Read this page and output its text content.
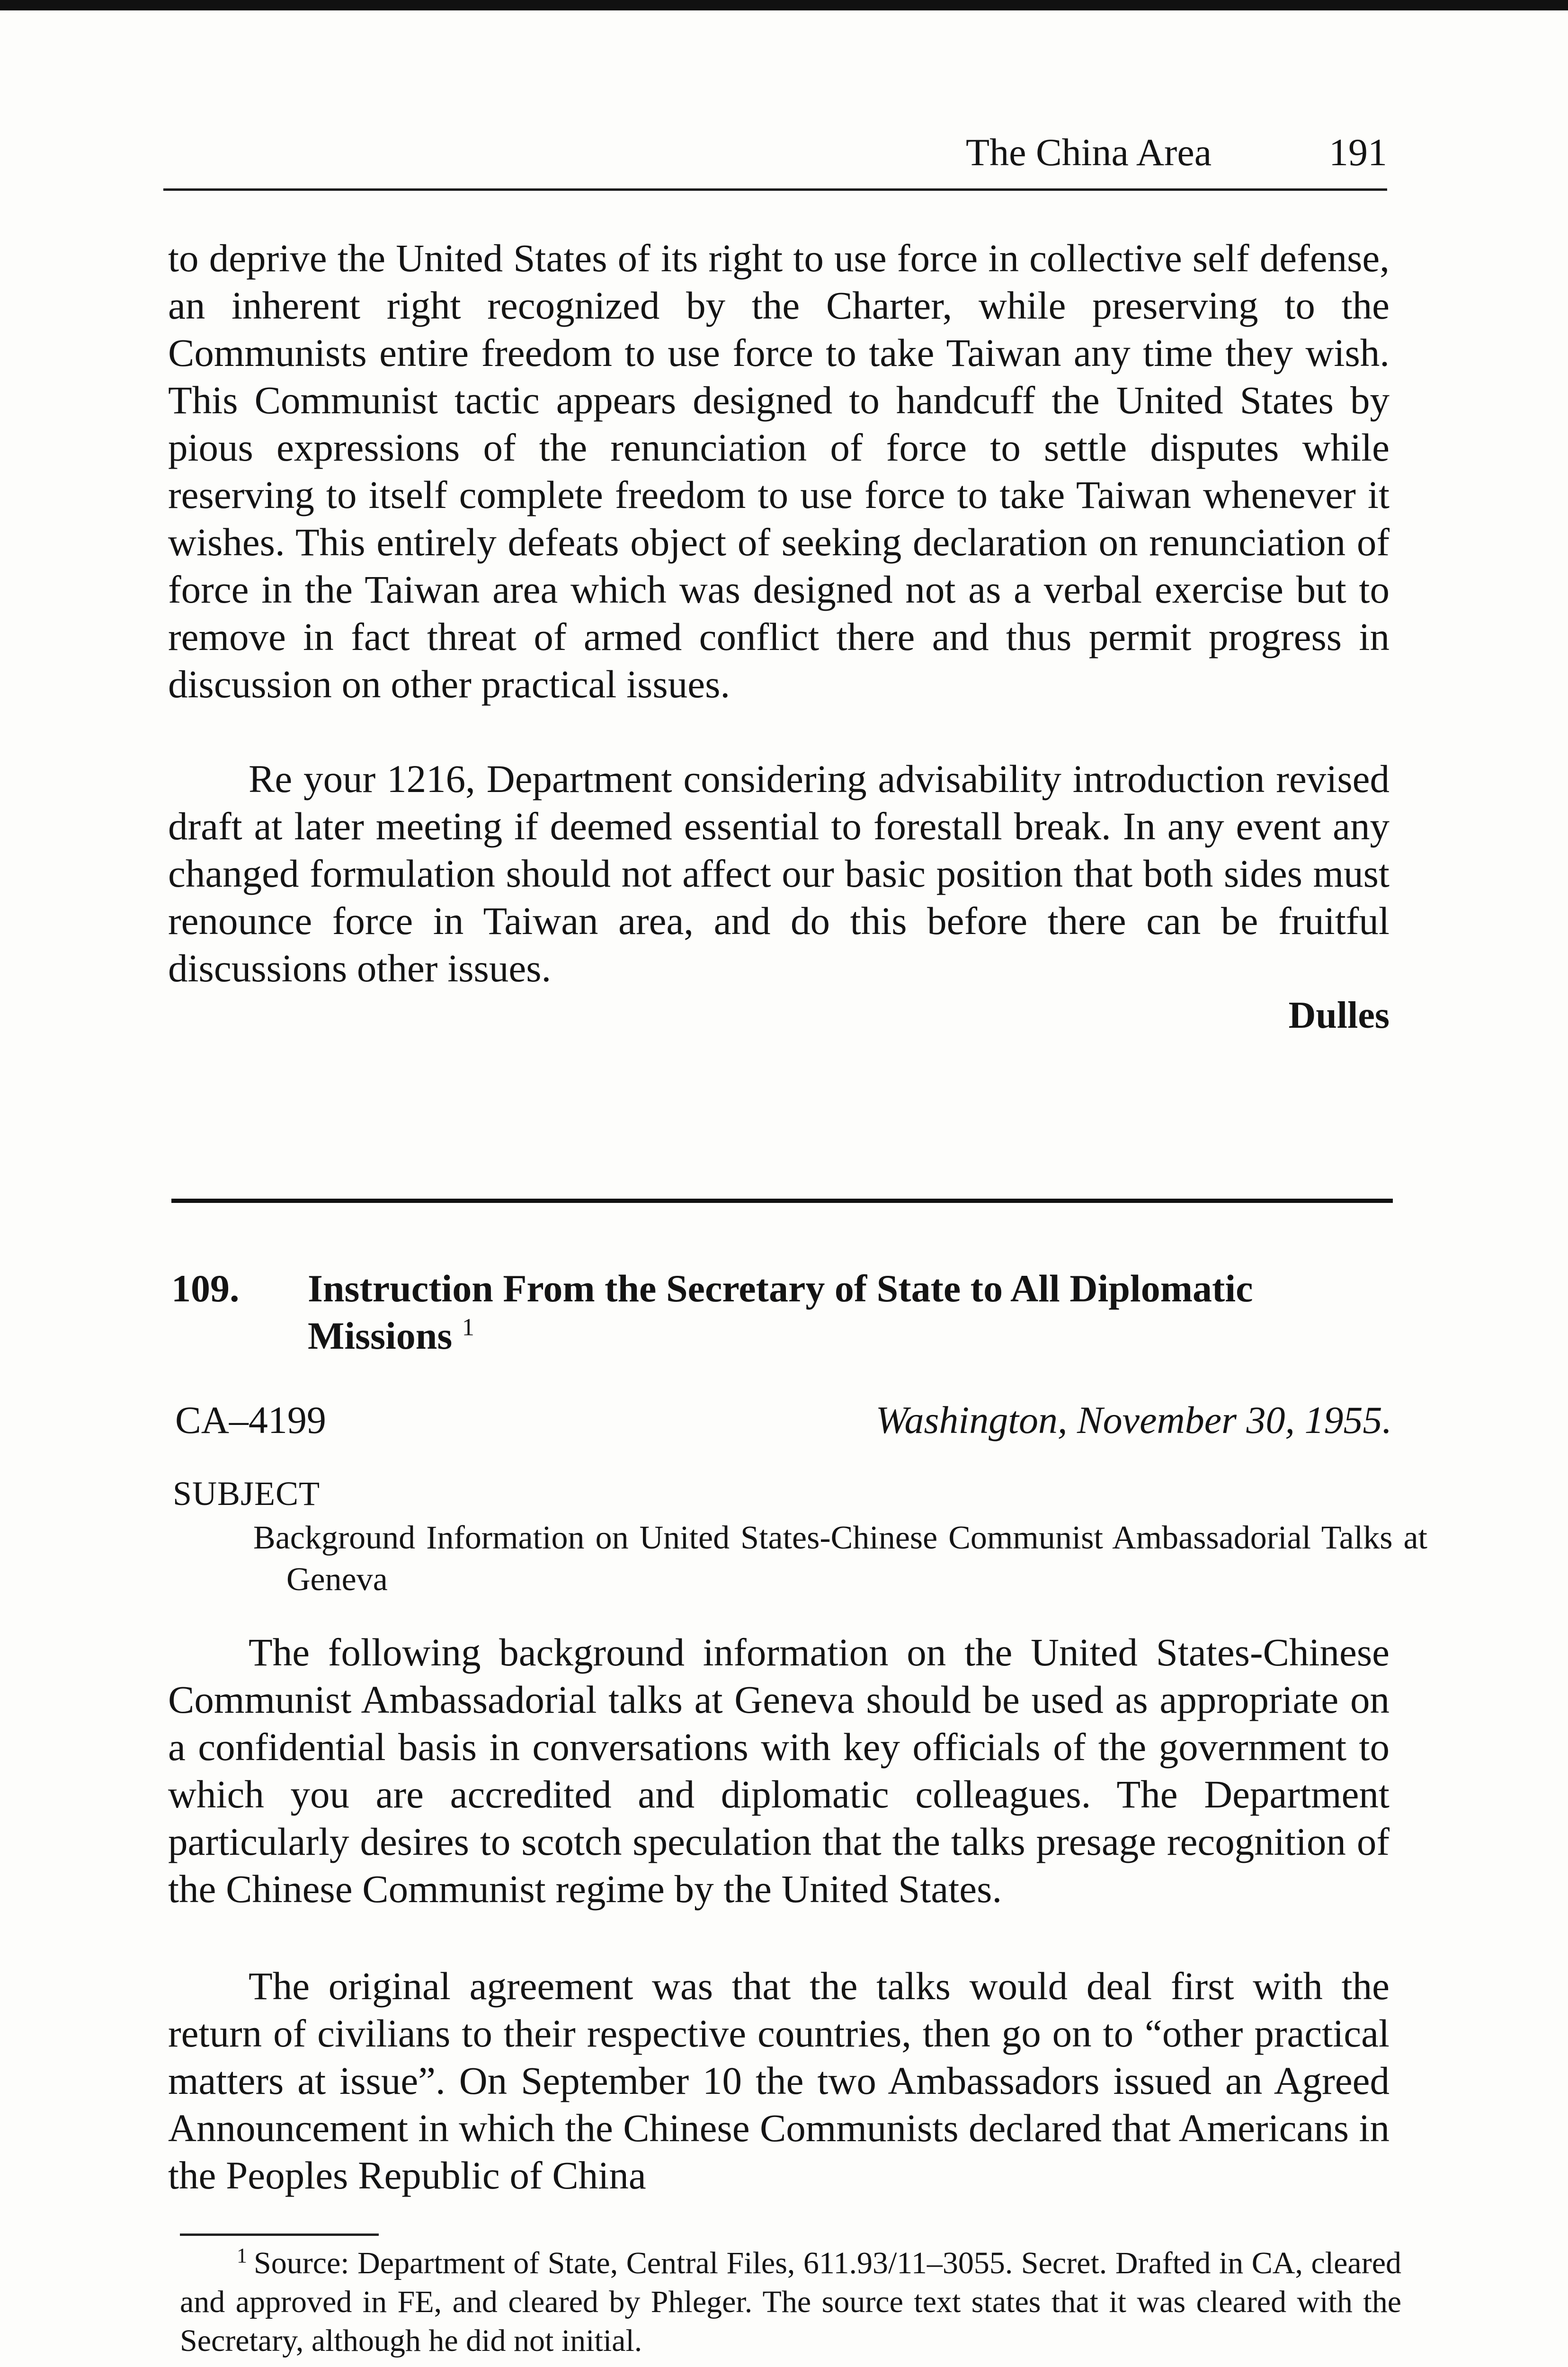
The China Area	191

to deprive the United States of its right to use force in collective self defense, an inherent right recognized by the Charter, while preserving to the Communists entire freedom to use force to take Taiwan any time they wish. This Communist tactic appears designed to handcuff the United States by pious expressions of the renunciation of force to settle disputes while reserving to itself complete freedom to use force to take Taiwan whenever it wishes. This entirely defeats object of seeking declaration on renunciation of force in the Taiwan area which was designed not as a verbal exercise but to remove in fact threat of armed conflict there and thus permit progress in discussion on other practical issues.

Re your 1216, Department considering advisability introduction revised draft at later meeting if deemed essential to forestall break. In any event any changed formulation should not affect our basic position that both sides must renounce force in Taiwan area, and do this before there can be fruitful discussions other issues.

Dulles
109. Instruction From the Secretary of State to All Diplomatic Missions $^1$
CA–4199	Washington, November 30, 1955.
SUBJECT

Background Information on United States-Chinese Communist Ambassadorial Talks at Geneva

The following background information on the United States-Chinese Communist Ambassadorial talks at Geneva should be used as appropriate on a confidential basis in conversations with key officials of the government to which you are accredited and diplomatic colleagues. The Department particularly desires to scotch speculation that the talks presage recognition of the Chinese Communist regime by the United States.

The original agreement was that the talks would deal first with the return of civilians to their respective countries, then go on to “other practical matters at issue”. On September 10 the two Ambassadors issued an Agreed Announcement in which the Chinese Communists declared that Americans in the Peoples Republic of China

$^1$ Source: Department of State, Central Files, 611.93/11–3055. Secret. Drafted in CA, cleared and approved in FE, and cleared by Phleger. The source text states that it was cleared with the Secretary, although he did not initial.
